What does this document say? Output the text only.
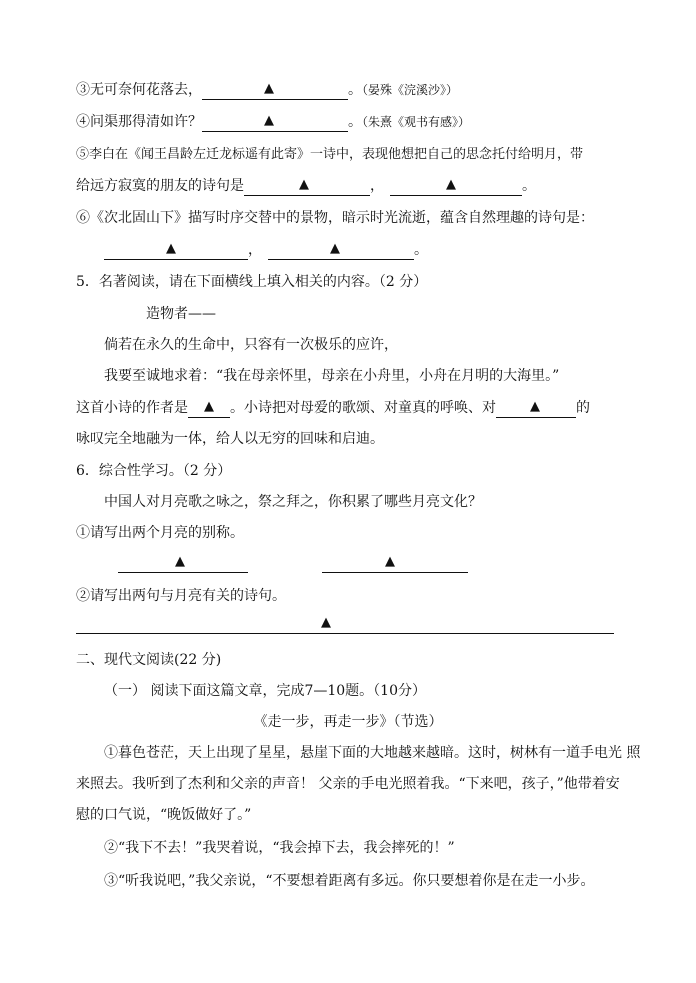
③无可奈何花落去，	▲	。（晏殊《浣溪沙》）
④问渠那得清如许？	▲	。（朱熹《观书有感》）
⑤李白在《闻王昌龄左迁龙标遥有此寄》一诗中，表现他想把自己的思念托付给明月，带
给远方寂寞的朋友的诗句是	▲	，	▲	。
⑥《次北固山下》描写时序交替中的景物，暗示时光流逝，蕴含自然理趣的诗句是：
▲	，	▲	。
5．名著阅读，请在下面横线上填入相关的内容。（2 分）
造物者——
倘若在永久的生命中，只容有一次极乐的应许，
我要至诚地求着：“我在母亲怀里，母亲在小舟里，小舟在月明的大海里。”
这首小诗的作者是 ▲ 。小诗把对母爱的歌颂、对童真的呼唤、对	▲	的
咏叹完全地融为一体，给人以无穷的回味和启迪。
6．综合性学习。（2 分）
中国人对月亮歌之咏之，祭之拜之，你积累了哪些月亮文化？
①请写出两个月亮的别称。
▲	▲
②请写出两句与月亮有关的诗句。
▲
二、现代文阅读(22 分)
（一） 阅读下面这篇文章，完成7—10题。（10分）
《走一步，再走一步》（节选）
①暮色苍茫，天上出现了星星，悬崖下面的大地越来越暗。这时，树林有一道手电光 照
来照去。我听到了杰利和父亲的声音！ 父亲的手电光照着我。“下来吧，孩子，”他带着安
慰的口气说，“晚饭做好了。”
②“我下不去！”我哭着说，“我会掉下去，我会摔死的！”
③“听我说吧，”我父亲说，“不要想着距离有多远。你只要想着你是在走一小步。
